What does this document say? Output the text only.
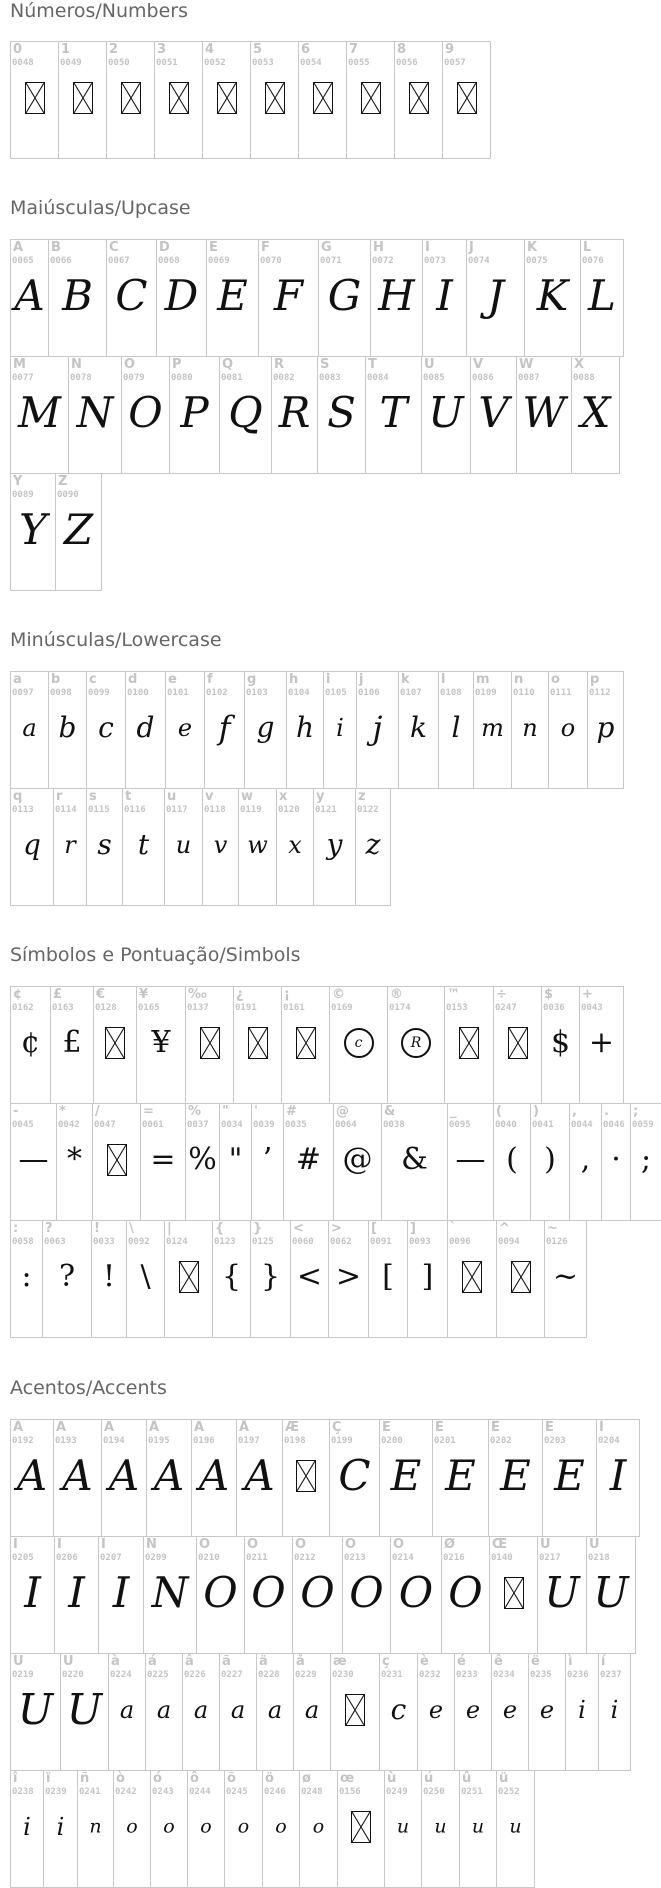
Números/Numbers
0
0048
1
0049
2
0050
3
0051
4
0052
5
0053
6
0054
7
0055
8
0056
9
0057
Maiúsculas/Upcase
A
0065
A
B
0066
B
C
0067
C
D
0068
D
E
0069
E
F
0070
F
G
0071
G
H
0072
H
I
0073
I
J
0074
J
K
0075
K
L
0076
L
M
0077
M
N
0078
N
O
0079
O
P
0080
P
Q
0081
Q
R
0082
R
S
0083
S
T
0084
T
U
0085
U
V
0086
V
W
0087
W
X
0088
X
Y
0089
Y
Z
0090
Z
Minúsculas/Lowercase
a
0097
a
b
0098
b
c
0099
c
d
0100
d
e
0101
e
f
0102
f
g
0103
g
h
0104
h
i
0105
i
j
0106
j
k
0107
k
l
0108
l
m
0109
m
n
0110
n
o
0111
o
p
0112
p
q
0113
q
r
0114
r
s
0115
s
t
0116
t
u
0117
u
v
0118
v
w
0119
w
x
0120
x
y
0121
y
z
0122
z
Símbolos e Pontuação/Simbols
¢
0162
¢
£
0163
£
€
0128
¥
0165
¥
‰
0137
¿
0191
¡
0161
©
0169
c
®
0174
R
™
0153
÷
0247
$
0036
$
+
0043
+
-
0045
—
*
0042
*
/
0047
=
0061
=
%
0037
%
"
0034
"
'
0039
’
#
0035
#
@
0064
@
&
0038
&
_
0095
—
(
0040
(
)
0041
)
,
0044
,
.
0046
·
;
0059
;
:
0058
:
?
0063
?
!
0033
!
\
0092
\
|
0124
{
0123
{
}
0125
}
<
0060
<
>
0062
>
[
0091
[
]
0093
]
`
0096
^
0094
~
0126
~
Acentos/Accents
À
0192
A
Á
0193
A
Â
0194
A
Ã
0195
A
Ä
0196
A
Å
0197
A
Æ
0198
Ç
0199
C
È
0200
E
É
0201
E
Ê
0202
E
Ë
0203
E
Ì
0204
I
Í
0205
I
Î
0206
I
Ï
0207
I
Ñ
0209
N
Ò
0210
O
Ó
0211
O
Ô
0212
O
Õ
0213
O
Ö
0214
O
Ø
0216
O
Œ
0140
Ù
0217
U
Ú
0218
U
Û
0219
U
Ü
0220
U
à
0224
a
á
0225
a
â
0226
a
ã
0227
a
ä
0228
a
å
0229
a
æ
0230
ç
0231
c
è
0232
e
é
0233
e
ê
0234
e
ë
0235
e
ì
0236
i
í
0237
i
î
0238
i
ï
0239
i
ñ
0241
n
ò
0242
o
ó
0243
o
ô
0244
o
õ
0245
o
ö
0246
o
ø
0248
o
œ
0156
ù
0249
u
ú
0250
u
û
0251
u
ü
0252
u
